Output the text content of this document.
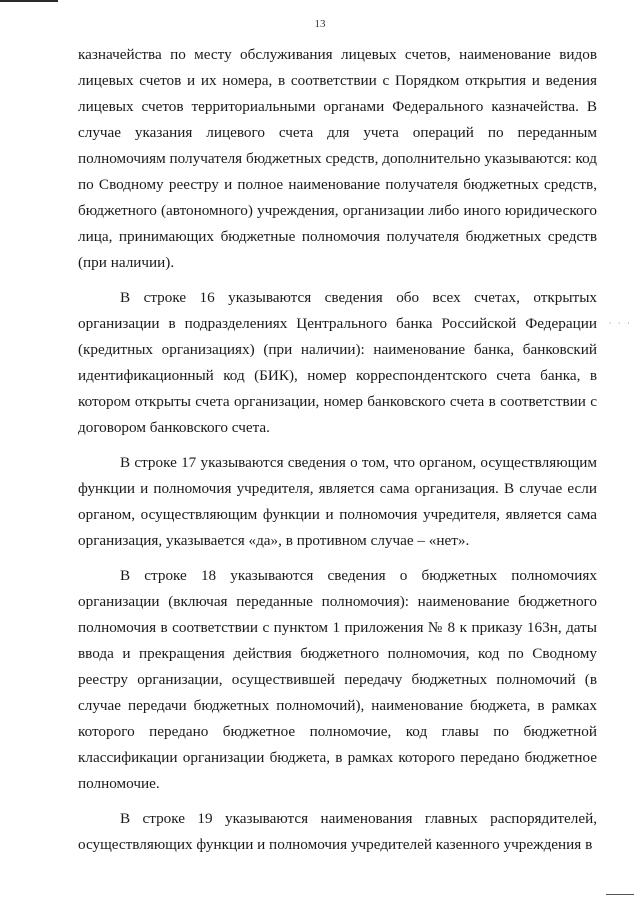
13

казначейства по месту обслуживания лицевых счетов, наименование видов лицевых счетов и их номера, в соответствии с Порядком открытия и ведения лицевых счетов территориальными органами Федерального казначейства. В случае указания лицевого счета для учета операций по переданным полномочиям получателя бюджетных средств, дополнительно указываются: код по Сводному реестру и полное наименование получателя бюджетных средств, бюджетного (автономного) учреждения, организации либо иного юридического лица, принимающих бюджетные полномочия получателя бюджетных средств (при наличии).

В строке 16 указываются сведения обо всех счетах, открытых организации в подразделениях Центрального банка Российской Федерации (кредитных организациях) (при наличии): наименование банка, банковский идентификационный код (БИК), номер корреспондентского счета банка, в котором открыты счета организации, номер банковского счета в соответствии с договором банковского счета.

В строке 17 указываются сведения о том, что органом, осуществляющим функции и полномочия учредителя, является сама организация. В случае если органом, осуществляющим функции и полномочия учредителя, является сама организация, указывается «да», в противном случае – «нет».

В строке 18 указываются сведения о бюджетных полномочиях организации (включая переданные полномочия): наименование бюджетного полномочия в соответствии с пунктом 1 приложения № 8 к приказу 163н, даты ввода и прекращения действия бюджетного полномочия, код по Сводному реестру организации, осуществившей передачу бюджетных полномочий (в случае передачи бюджетных полномочий), наименование бюджета, в рамках которого передано бюджетное полномочие, код главы по бюджетной классификации организации бюджета, в рамках которого передано бюджетное полномочие.

В строке 19 указываются наименования главных распорядителей, осуществляющих функции и полномочия учредителей казенного учреждения в

· · ·
